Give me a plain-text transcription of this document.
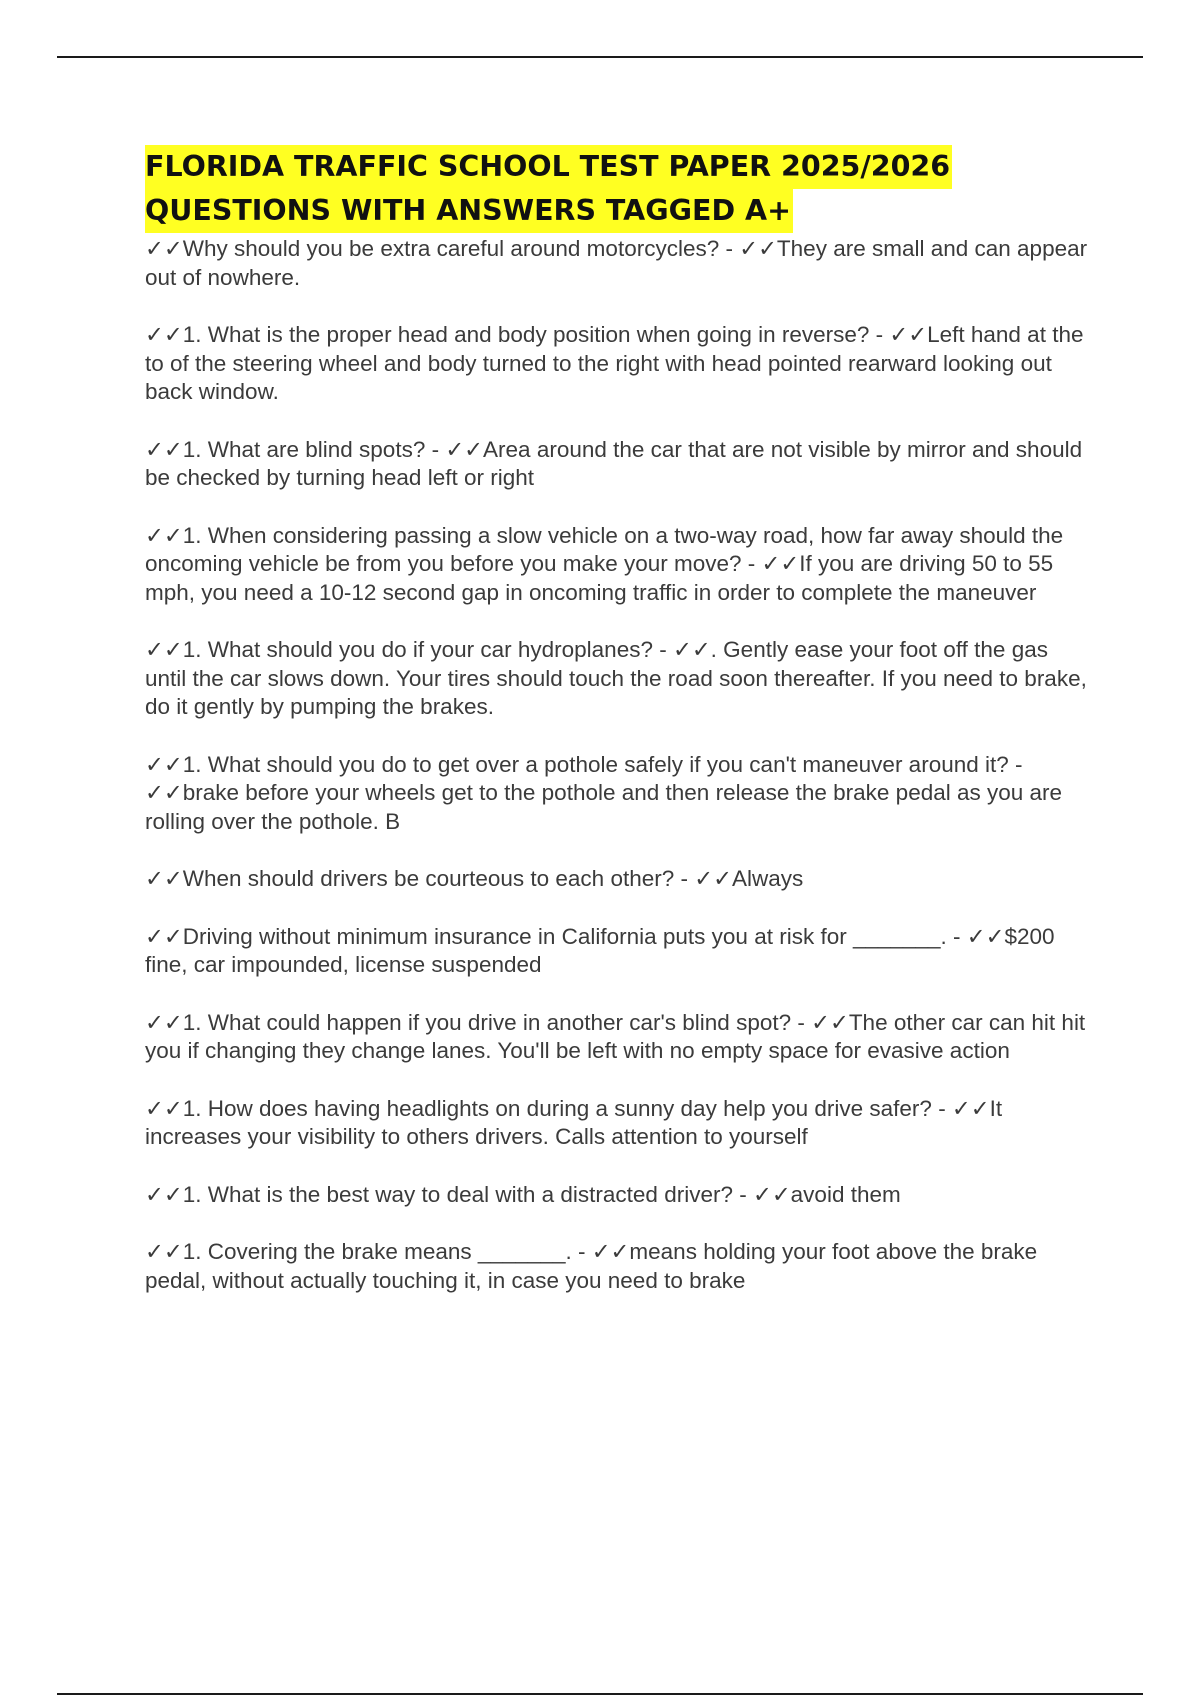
FLORIDA TRAFFIC SCHOOL TEST PAPER 2025/2026
QUESTIONS WITH ANSWERS TAGGED A+
✓✓Why should you be extra careful around motorcycles? - ✓✓They are small and can appear out of nowhere.
✓✓1. What is the proper head and body position when going in reverse? - ✓✓Left hand at the to of the steering wheel and body turned to the right with head pointed rearward looking out back window.
✓✓1. What are blind spots? - ✓✓Area around the car that are not visible by mirror and should be checked by turning head left or right
✓✓1. When considering passing a slow vehicle on a two-way road, how far away should the oncoming vehicle be from you before you make your move? - ✓✓If you are driving 50 to 55 mph, you need a 10-12 second gap in oncoming traffic in order to complete the maneuver
✓✓1. What should you do if your car hydroplanes? - ✓✓. Gently ease your foot off the gas until the car slows down. Your tires should touch the road soon thereafter. If you need to brake, do it gently by pumping the brakes.
✓✓1. What should you do to get over a pothole safely if you can't maneuver around it? - ✓✓brake before your wheels get to the pothole and then release the brake pedal as you are rolling over the pothole. B
✓✓When should drivers be courteous to each other? - ✓✓Always
✓✓Driving without minimum insurance in California puts you at risk for _______. - ✓✓$200 fine, car impounded, license suspended
✓✓1. What could happen if you drive in another car's blind spot? - ✓✓The other car can hit hit you if changing they change lanes. You'll be left with no empty space for evasive action
✓✓1. How does having headlights on during a sunny day help you drive safer? - ✓✓It increases your visibility to others drivers. Calls attention to yourself
✓✓1. What is the best way to deal with a distracted driver? - ✓✓avoid them
✓✓1. Covering the brake means _______. - ✓✓means holding your foot above the brake pedal, without actually touching it, in case you need to brake
